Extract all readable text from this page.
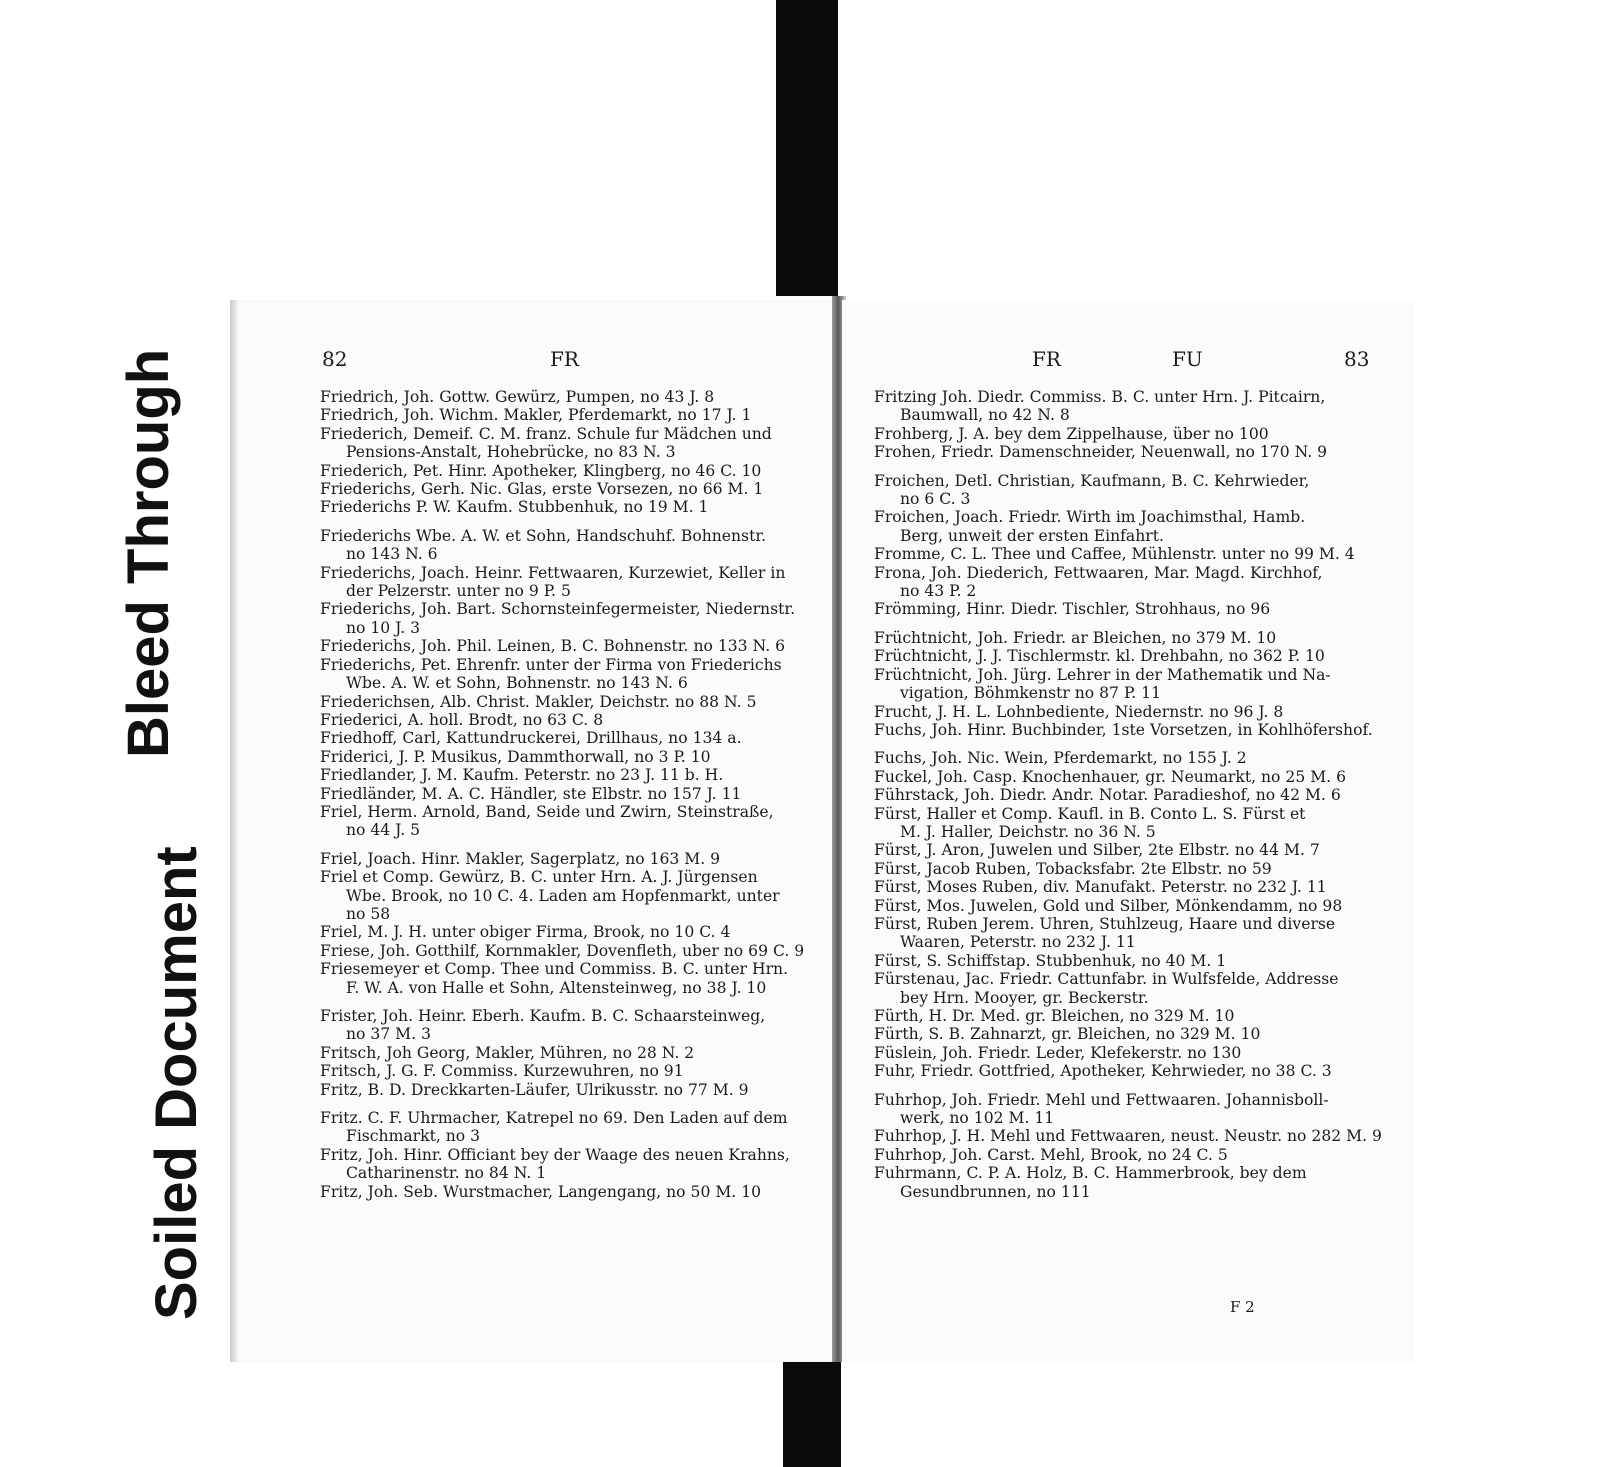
Bleed Through
Soiled Document
82	FR
Friedrich, Joh. Gottw. Gewürz, Pumpen, no 43 J. 8
Friedrich, Joh. Wichm. Makler, Pferdemarkt, no 17 J. 1
Friederich, Demeif. C. M. franz. Schule fur Mädchen und
Pensions-Anstalt, Hohebrücke, no 83 N. 3
Friederich, Pet. Hinr. Apotheker, Klingberg, no 46 C. 10
Friederichs, Gerh. Nic. Glas, erste Vorsezen, no 66 M. 1
Friederichs P. W. Kaufm. Stubbenhuk, no 19 M. 1
Friederichs Wbe. A. W. et Sohn, Handschuhf. Bohnenstr.
no 143 N. 6
Friederichs, Joach. Heinr. Fettwaaren, Kurzewiet, Keller in
der Pelzerstr. unter no 9 P. 5
Friederichs, Joh. Bart. Schornsteinfegermeister, Niedernstr.
no 10 J. 3
Friederichs, Joh. Phil. Leinen, B. C. Bohnenstr. no 133 N. 6
Friederichs, Pet. Ehrenfr. unter der Firma von Friederichs
Wbe. A. W. et Sohn, Bohnenstr. no 143 N. 6
Friederichsen, Alb. Christ. Makler, Deichstr. no 88 N. 5
Friederici, A. holl. Brodt, no 63 C. 8
Friedhoff, Carl, Kattundruckerei, Drillhaus, no 134 a.
Friderici, J. P. Musikus, Dammthorwall, no 3 P. 10
Friedlander, J. M. Kaufm. Peterstr. no 23 J. 11 b. H.
Friedländer, M. A. C. Händler, ste Elbstr. no 157 J. 11
Friel, Herm. Arnold, Band, Seide und Zwirn, Steinstraße,
no 44 J. 5
Friel, Joach. Hinr. Makler, Sagerplatz, no 163 M. 9
Friel et Comp. Gewürz, B. C. unter Hrn. A. J. Jürgensen
Wbe. Brook, no 10 C. 4. Laden am Hopfenmarkt, unter
no 58
Friel, M. J. H. unter obiger Firma, Brook, no 10 C. 4
Friese, Joh. Gotthilf, Kornmakler, Dovenfleth, uber no 69 C. 9
Friesemeyer et Comp. Thee und Commiss. B. C. unter Hrn.
F. W. A. von Halle et Sohn, Altensteinweg, no 38 J. 10
Frister, Joh. Heinr. Eberh. Kaufm. B. C. Schaarsteinweg,
no 37 M. 3
Fritsch, Joh Georg, Makler, Mühren, no 28 N. 2
Fritsch, J. G. F. Commiss. Kurzewuhren, no 91
Fritz, B. D. Dreckkarten-Läufer, Ulrikusstr. no 77 M. 9
Fritz. C. F. Uhrmacher, Katrepel no 69. Den Laden auf dem
Fischmarkt, no 3
Fritz, Joh. Hinr. Officiant bey der Waage des neuen Krahns,
Catharinenstr. no 84 N. 1
Fritz, Joh. Seb. Wurstmacher, Langengang, no 50 M. 10
FR	FU	83
Fritzing Joh. Diedr. Commiss. B. C. unter Hrn. J. Pitcairn,
Baumwall, no 42 N. 8
Frohberg, J. A. bey dem Zippelhause, über no 100
Frohen, Friedr. Damenschneider, Neuenwall, no 170 N. 9
Froichen, Detl. Christian, Kaufmann, B. C. Kehrwieder,
no 6 C. 3
Froichen, Joach. Friedr. Wirth im Joachimsthal, Hamb.
Berg, unweit der ersten Einfahrt.
Fromme, C. L. Thee und Caffee, Mühlenstr. unter no 99 M. 4
Frona, Joh. Diederich, Fettwaaren, Mar. Magd. Kirchhof,
no 43 P. 2
Frömming, Hinr. Diedr. Tischler, Strohhaus, no 96
Früchtnicht, Joh. Friedr. ar Bleichen, no 379 M. 10
Früchtnicht, J. J. Tischlermstr. kl. Drehbahn, no 362 P. 10
Früchtnicht, Joh. Jürg. Lehrer in der Mathematik und Na-
vigation, Böhmkenstr no 87 P. 11
Frucht, J. H. L. Lohnbediente, Niedernstr. no 96 J. 8
Fuchs, Joh. Hinr. Buchbinder, 1ste Vorsetzen, in Kohlhöfershof.
Fuchs, Joh. Nic. Wein, Pferdemarkt, no 155 J. 2
Fuckel, Joh. Casp. Knochenhauer, gr. Neumarkt, no 25 M. 6
Führstack, Joh. Diedr. Andr. Notar. Paradieshof, no 42 M. 6
Fürst, Haller et Comp. Kaufl. in B. Conto L. S. Fürst et
M. J. Haller, Deichstr. no 36 N. 5
Fürst, J. Aron, Juwelen und Silber, 2te Elbstr. no 44 M. 7
Fürst, Jacob Ruben, Tobacksfabr. 2te Elbstr. no 59
Fürst, Moses Ruben, div. Manufakt. Peterstr. no 232 J. 11
Fürst, Mos. Juwelen, Gold und Silber, Mönkendamm, no 98
Fürst, Ruben Jerem. Uhren, Stuhlzeug, Haare und diverse
Waaren, Peterstr. no 232 J. 11
Fürst, S. Schiffstap. Stubbenhuk, no 40 M. 1
Fürstenau, Jac. Friedr. Cattunfabr. in Wulfsfelde, Addresse
bey Hrn. Mooyer, gr. Beckerstr.
Fürth, H. Dr. Med. gr. Bleichen, no 329 M. 10
Fürth, S. B. Zahnarzt, gr. Bleichen, no 329 M. 10
Füslein, Joh. Friedr. Leder, Klefekerstr. no 130
Fuhr, Friedr. Gottfried, Apotheker, Kehrwieder, no 38 C. 3
Fuhrhop, Joh. Friedr. Mehl und Fettwaaren. Johannisboll-
werk, no 102 M. 11
Fuhrhop, J. H. Mehl und Fettwaaren, neust. Neustr. no 282 M. 9
Fuhrhop, Joh. Carst. Mehl, Brook, no 24 C. 5
Fuhrmann, C. P. A. Holz, B. C. Hammerbrook, bey dem
Gesundbrunnen, no 111
F 2
